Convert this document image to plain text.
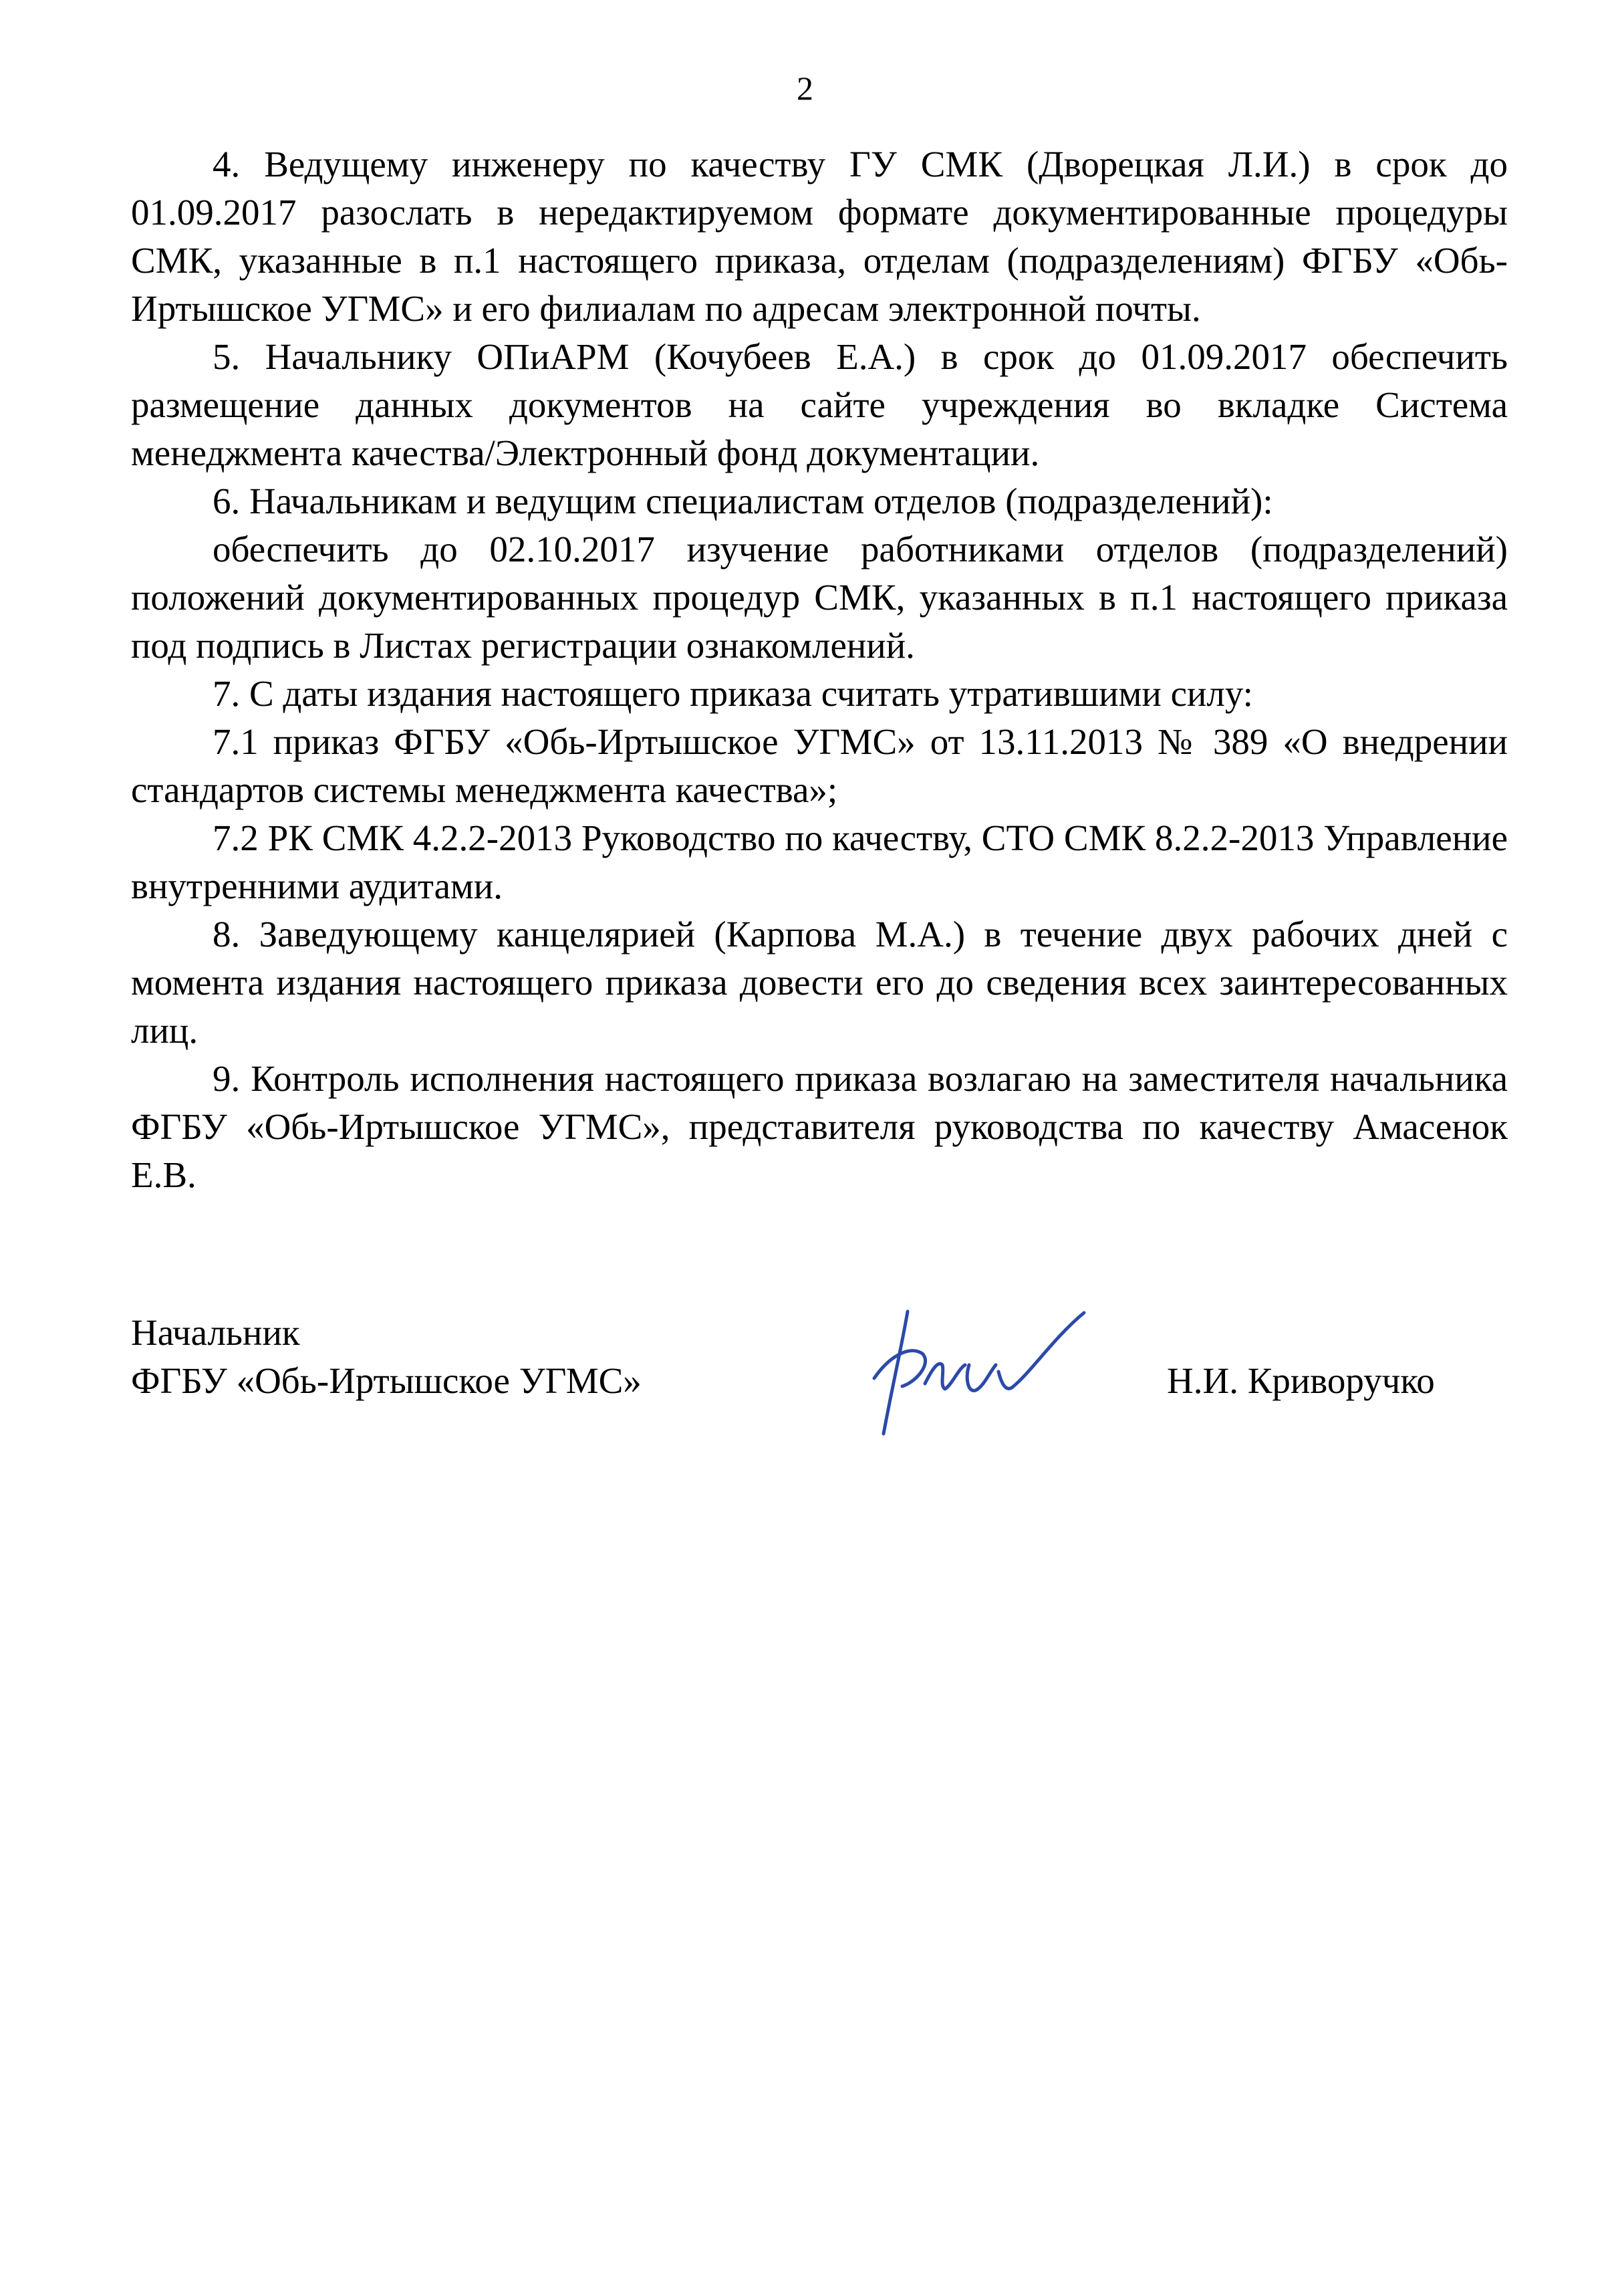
2

4. Ведущему инженеру по качеству ГУ СМК (Дворецкая Л.И.) в срок до 01.09.2017 разослать в нередактируемом формате документированные процедуры СМК, указанные в п.1 настоящего приказа, отделам (подразделениям) ФГБУ «Обь-Иртышское УГМС» и его филиалам по адресам электронной почты.

5. Начальнику ОПиАРМ (Кочубеев Е.А.) в срок до 01.09.2017 обеспечить размещение данных документов на сайте учреждения во вкладке Система менеджмента качества/Электронный фонд документации.

6. Начальникам и ведущим специалистам отделов (подразделений):

обеспечить до 02.10.2017 изучение работниками отделов (подразделений) положений документированных процедур СМК, указанных в п.1 настоящего приказа под подпись в Листах регистрации ознакомлений.

7. С даты издания настоящего приказа считать утратившими силу:

7.1 приказ ФГБУ «Обь-Иртышское УГМС» от 13.11.2013 № 389 «О внедрении стандартов системы менеджмента качества»;

7.2 РК СМК 4.2.2-2013 Руководство по качеству, СТО СМК 8.2.2-2013 Управление внутренними аудитами.

8. Заведующему канцелярией (Карпова М.А.) в течение двух рабочих дней с момента издания настоящего приказа довести его до сведения всех заинтересованных лиц.

9. Контроль исполнения настоящего приказа возлагаю на заместителя начальника ФГБУ «Обь-Иртышское УГМС», представителя руководства по качеству Амасенок Е.В.

Начальник
ФГБУ «Обь-Иртышское УГМС»	Н.И. Криворучко
